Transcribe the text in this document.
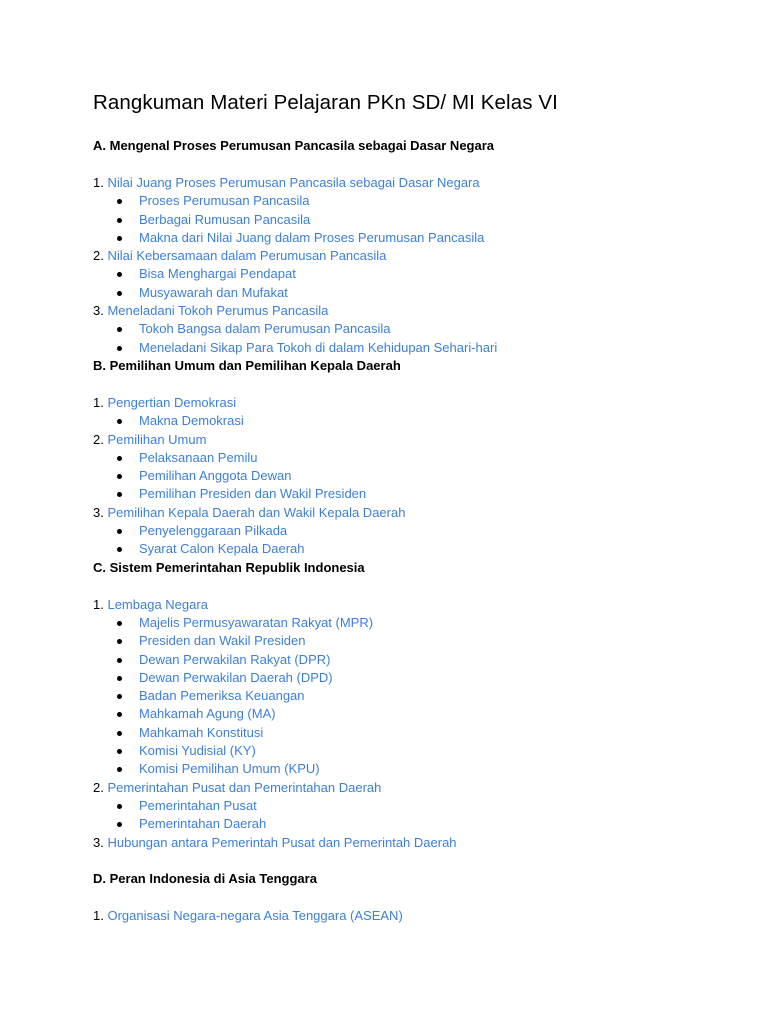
Rangkuman Materi Pelajaran PKn SD/ MI Kelas VI
A. Mengenal Proses Perumusan Pancasila sebagai Dasar Negara
1. Nilai Juang Proses Perumusan Pancasila sebagai Dasar Negara
Proses Perumusan Pancasila
Berbagai Rumusan Pancasila
Makna dari Nilai Juang dalam Proses Perumusan Pancasila
2. Nilai Kebersamaan dalam Perumusan Pancasila
Bisa Menghargai Pendapat
Musyawarah dan Mufakat
3. Meneladani Tokoh Perumus Pancasila
Tokoh Bangsa dalam Perumusan Pancasila
Meneladani Sikap Para Tokoh di dalam Kehidupan Sehari-hari
B. Pemilihan Umum dan Pemilihan Kepala Daerah
1. Pengertian Demokrasi
Makna Demokrasi
2. Pemilihan Umum
Pelaksanaan Pemilu
Pemilihan Anggota Dewan
Pemilihan Presiden dan Wakil Presiden
3. Pemilihan Kepala Daerah dan Wakil Kepala Daerah
Penyelenggaraan Pilkada
Syarat Calon Kepala Daerah
C. Sistem Pemerintahan Republik Indonesia
1. Lembaga Negara
Majelis Permusyawaratan Rakyat (MPR)
Presiden dan Wakil Presiden
Dewan Perwakilan Rakyat (DPR)
Dewan Perwakilan Daerah (DPD)
Badan Pemeriksa Keuangan
Mahkamah Agung (MA)
Mahkamah Konstitusi
Komisi Yudisial (KY)
Komisi Pemilihan Umum (KPU)
2. Pemerintahan Pusat dan Pemerintahan Daerah
Pemerintahan Pusat
Pemerintahan Daerah
3. Hubungan antara Pemerintah Pusat dan Pemerintah Daerah
D. Peran Indonesia di Asia Tenggara
1. Organisasi Negara-negara Asia Tenggara (ASEAN)
